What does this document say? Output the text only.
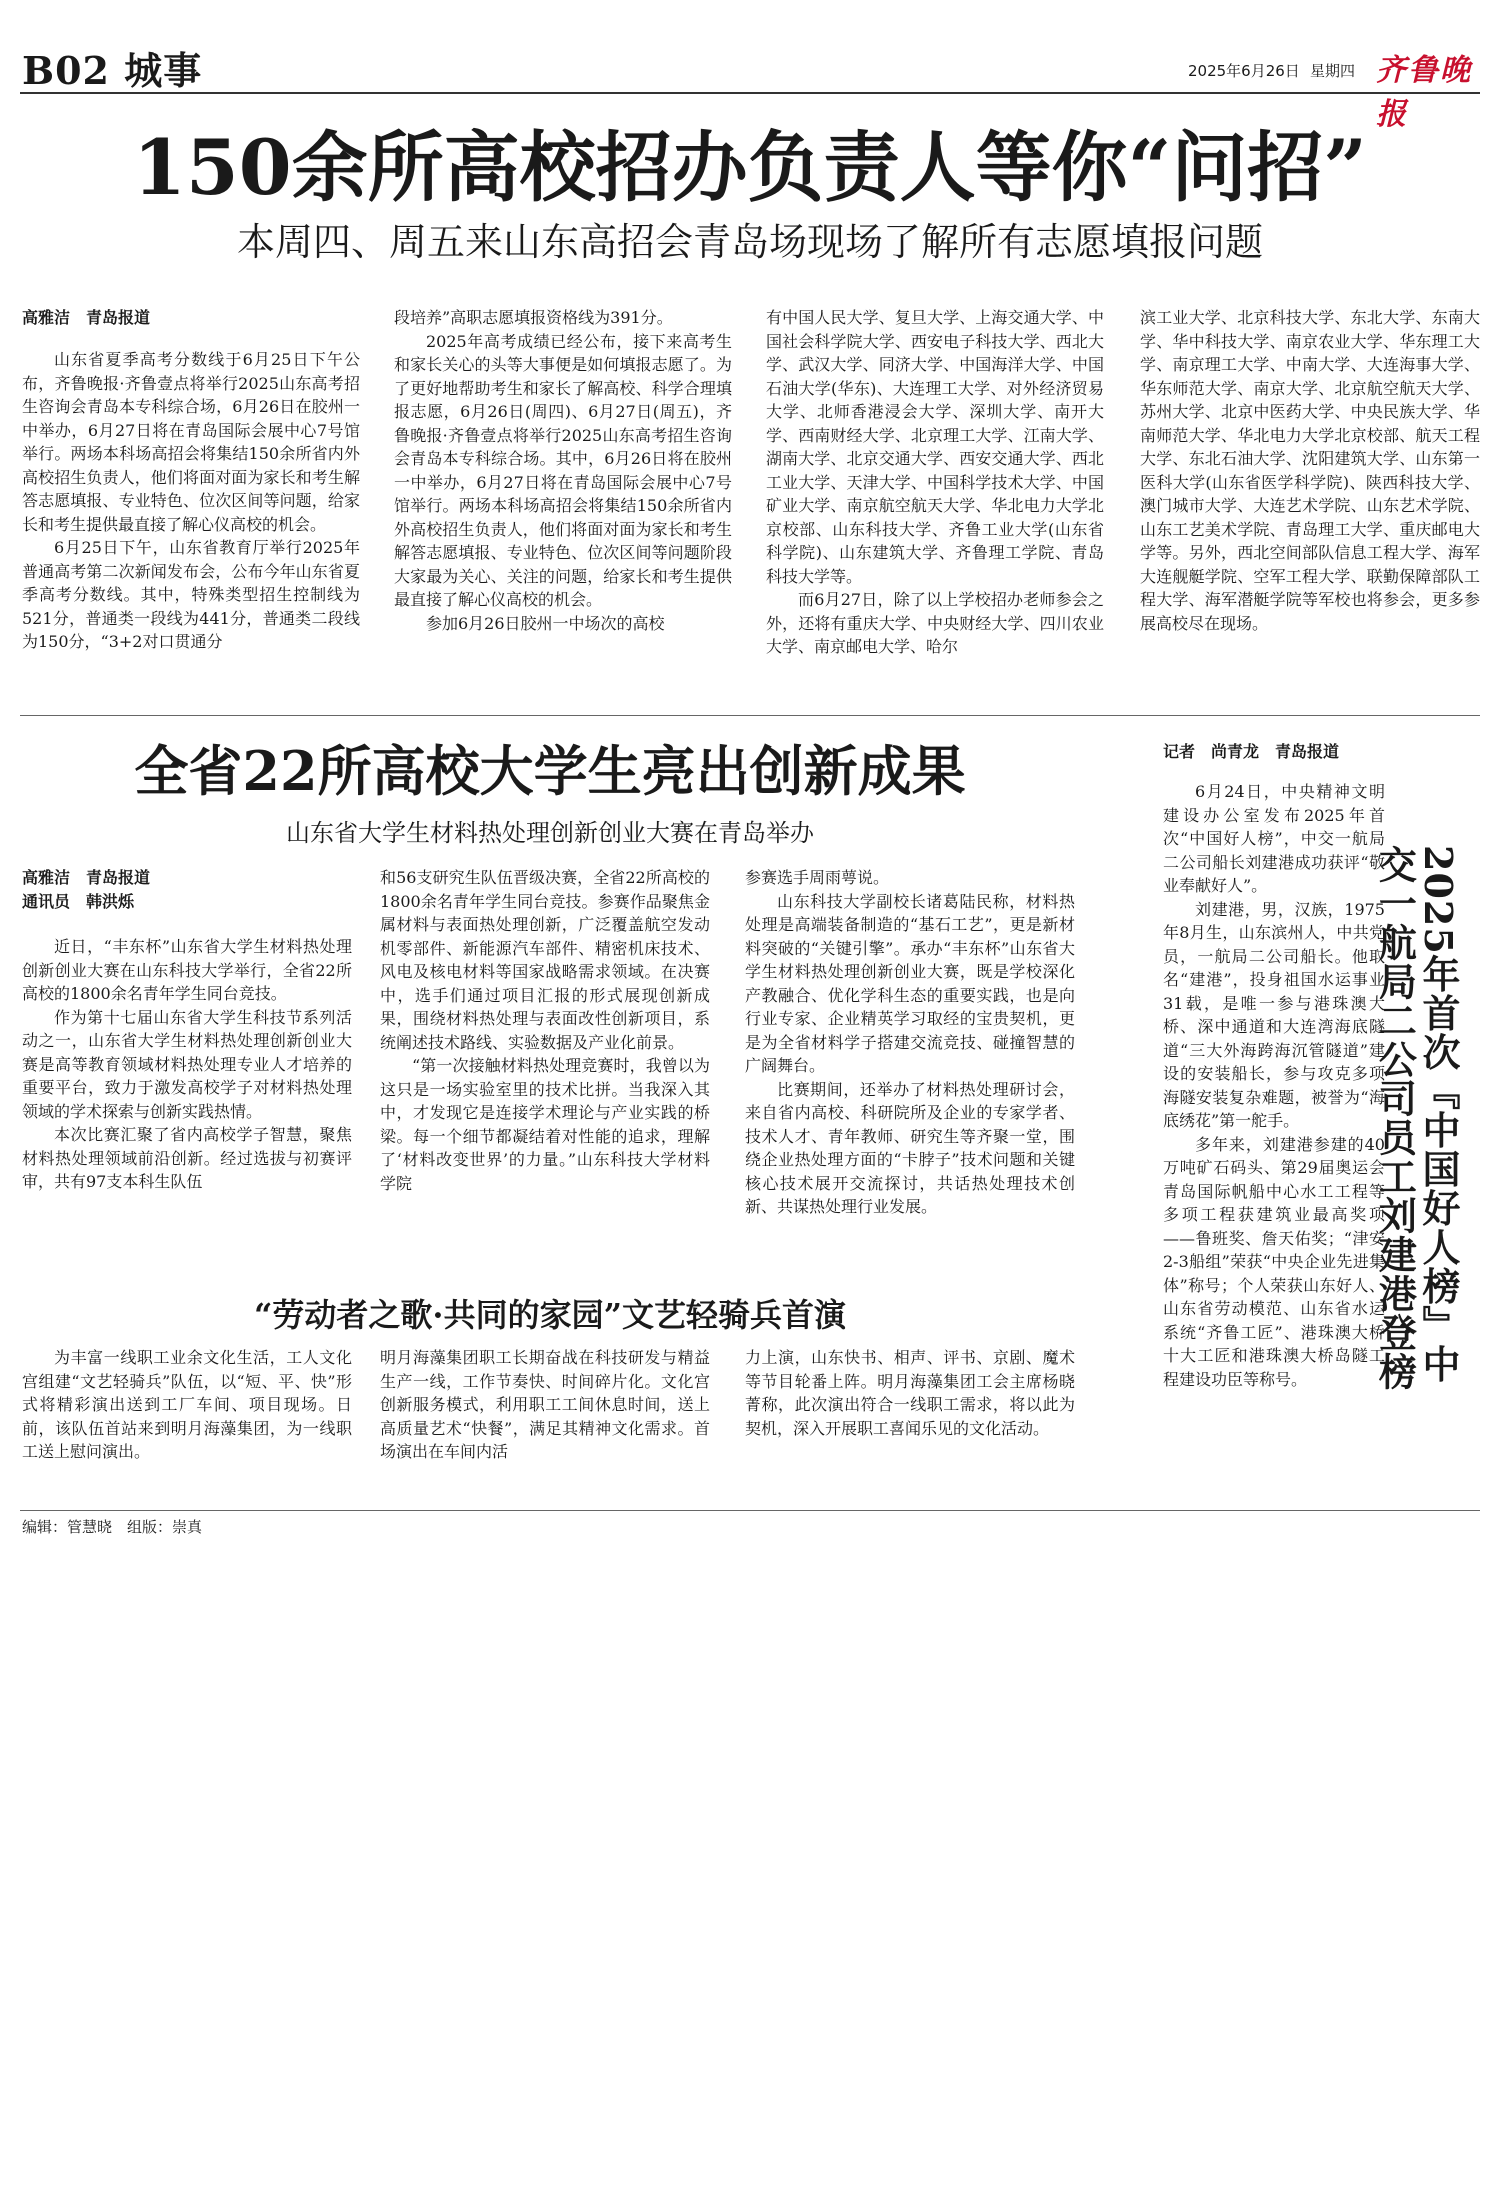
B02 城事	2025年6月26日 星期四 齐鲁晚报
150余所高校招办负责人等你“问招”
本周四、周五来山东高招会青岛场现场了解所有志愿填报问题
高雅洁　青岛报道

山东省夏季高考分数线于6月25日下午公布，齐鲁晚报·齐鲁壹点将举行2025山东高考招生咨询会青岛本专科综合场，6月26日在胶州一中举办，6月27日将在青岛国际会展中心7号馆举行。两场本科场高招会将集结150余所省内外高校招生负责人，他们将面对面为家长和考生解答志愿填报、专业特色、位次区间等问题，给家长和考生提供最直接了解心仪高校的机会。

6月25日下午，山东省教育厅举行2025年普通高考第二次新闻发布会，公布今年山东省夏季高考分数线。其中，特殊类型招生控制线为521分，普通类一段线为441分，普通类二段线为150分，“3+2对口贯通分

段培养”高职志愿填报资格线为391分。

2025年高考成绩已经公布，接下来高考生和家长关心的头等大事便是如何填报志愿了。为了更好地帮助考生和家长了解高校、科学合理填报志愿，6月26日(周四)、6月27日(周五)，齐鲁晚报·齐鲁壹点将举行2025山东高考招生咨询会青岛本专科综合场。其中，6月26日将在胶州一中举办，6月27日将在青岛国际会展中心7号馆举行。两场本科场高招会将集结150余所省内外高校招生负责人，他们将面对面为家长和考生解答志愿填报、专业特色、位次区间等问题阶段大家最为关心、关注的问题，给家长和考生提供最直接了解心仪高校的机会。

参加6月26日胶州一中场次的高校

有中国人民大学、复旦大学、上海交通大学、中国社会科学院大学、西安电子科技大学、西北大学、武汉大学、同济大学、中国海洋大学、中国石油大学(华东)、大连理工大学、对外经济贸易大学、北师香港浸会大学、深圳大学、南开大学、西南财经大学、北京理工大学、江南大学、湖南大学、北京交通大学、西安交通大学、西北工业大学、天津大学、中国科学技术大学、中国矿业大学、南京航空航天大学、华北电力大学北京校部、山东科技大学、齐鲁工业大学(山东省科学院)、山东建筑大学、齐鲁理工学院、青岛科技大学等。

而6月27日，除了以上学校招办老师参会之外，还将有重庆大学、中央财经大学、四川农业大学、南京邮电大学、哈尔

滨工业大学、北京科技大学、东北大学、东南大学、华中科技大学、南京农业大学、华东理工大学、南京理工大学、中南大学、大连海事大学、华东师范大学、南京大学、北京航空航天大学、苏州大学、北京中医药大学、中央民族大学、华南师范大学、华北电力大学北京校部、航天工程大学、东北石油大学、沈阳建筑大学、山东第一医科大学(山东省医学科学院)、陕西科技大学、澳门城市大学、大连艺术学院、山东艺术学院、山东工艺美术学院、青岛理工大学、重庆邮电大学等。另外，西北空间部队信息工程大学、海军大连舰艇学院、空军工程大学、联勤保障部队工程大学、海军潜艇学院等军校也将参会，更多参展高校尽在现场。

全省22所高校大学生亮出创新成果
山东省大学生材料热处理创新创业大赛在青岛举办
高雅洁　青岛报道
通讯员　韩洪烁

近日，“丰东杯”山东省大学生材料热处理创新创业大赛在山东科技大学举行，全省22所高校的1800余名青年学生同台竞技。

作为第十七届山东省大学生科技节系列活动之一，山东省大学生材料热处理创新创业大赛是高等教育领域材料热处理专业人才培养的重要平台，致力于激发高校学子对材料热处理领域的学术探索与创新实践热情。

本次比赛汇聚了省内高校学子智慧，聚焦材料热处理领域前沿创新。经过选拔与初赛评审，共有97支本科生队伍

和56支研究生队伍晋级决赛，全省22所高校的1800余名青年学生同台竞技。参赛作品聚焦金属材料与表面热处理创新，广泛覆盖航空发动机零部件、新能源汽车部件、精密机床技术、风电及核电材料等国家战略需求领域。在决赛中，选手们通过项目汇报的形式展现创新成果，围绕材料热处理与表面改性创新项目，系统阐述技术路线、实验数据及产业化前景。

“第一次接触材料热处理竞赛时，我曾以为这只是一场实验室里的技术比拼。当我深入其中，才发现它是连接学术理论与产业实践的桥梁。每一个细节都凝结着对性能的追求，理解了‘材料改变世界’的力量。”山东科技大学材料学院

参赛选手周雨萼说。

山东科技大学副校长诸葛陆民称，材料热处理是高端装备制造的“基石工艺”，更是新材料突破的“关键引擎”。承办“丰东杯”山东省大学生材料热处理创新创业大赛，既是学校深化产教融合、优化学科生态的重要实践，也是向行业专家、企业精英学习取经的宝贵契机，更是为全省材料学子搭建交流竞技、碰撞智慧的广阔舞台。

比赛期间，还举办了材料热处理研讨会，来自省内高校、科研院所及企业的专家学者、技术人才、青年教师、研究生等齐聚一堂，围绕企业热处理方面的“卡脖子”技术问题和关键核心技术展开交流探讨，共话热处理技术创新、共谋热处理行业发展。

“劳动者之歌·共同的家园”文艺轻骑兵首演

为丰富一线职工业余文化生活，工人文化宫组建“文艺轻骑兵”队伍，以“短、平、快”形式将精彩演出送到工厂车间、项目现场。日前，该队伍首站来到明月海藻集团，为一线职工送上慰问演出。

明月海藻集团职工长期奋战在科技研发与精益生产一线，工作节奏快、时间碎片化。文化宫创新服务模式，利用职工工间休息时间，送上高质量艺术“快餐”，满足其精神文化需求。首场演出在车间内活

力上演，山东快书、相声、评书、京剧、魔术等节目轮番上阵。明月海藻集团工会主席杨晓菁称，此次演出符合一线职工需求，将以此为契机，深入开展职工喜闻乐见的文化活动。

记者　尚青龙　青岛报道

6月24日，中央精神文明建设办公室发布2025年首次“中国好人榜”，中交一航局二公司船长刘建港成功获评“敬业奉献好人”。

刘建港，男，汉族，1975年8月生，山东滨州人，中共党员，一航局二公司船长。他取名“建港”，投身祖国水运事业31载，是唯一参与港珠澳大桥、深中通道和大连湾海底隧道“三大外海跨海沉管隧道”建设的安装船长，参与攻克多项海隧安装复杂难题，被誉为“海底绣花”第一舵手。

多年来，刘建港参建的40万吨矿石码头、第29届奥运会青岛国际帆船中心水工工程等多项工程获建筑业最高奖项——鲁班奖、詹天佑奖；“津安2-3船组”荣获“中央企业先进集体”称号；个人荣获山东好人、山东省劳动模范、山东省水运系统“齐鲁工匠”、港珠澳大桥十大工匠和港珠澳大桥岛隧工程建设功臣等称号。	2025年首次『中国好人榜』中交一航局二公司员工刘建港登榜
编辑：管慧晓　组版：崇真
